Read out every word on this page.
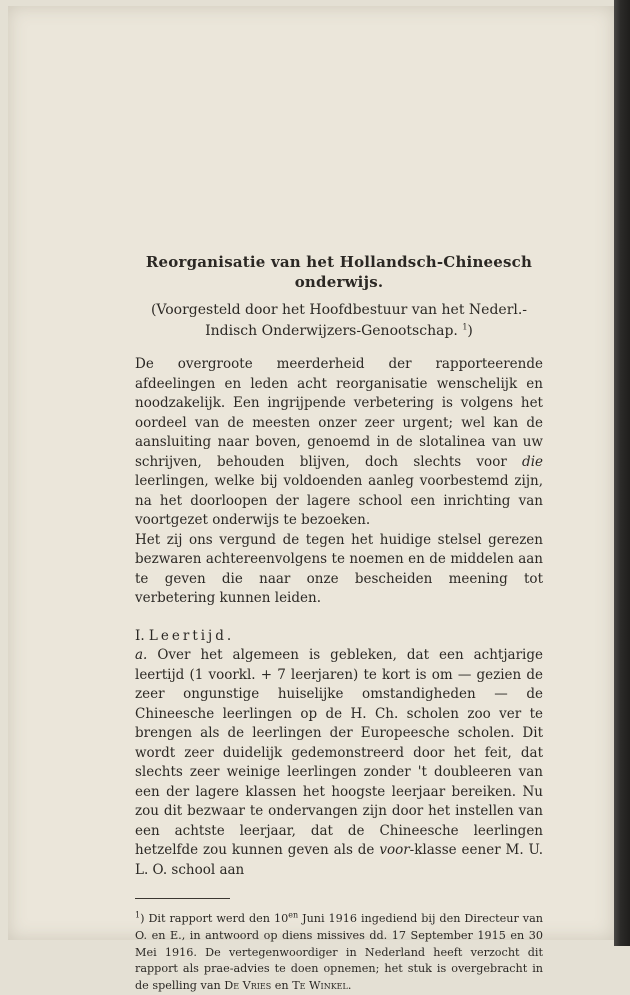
Reorganisatie van het Hollandsch-Chineesch onderwijs.

(Voorgesteld door het Hoofdbestuur van het Nederl.-Indisch Onderwijzers-Genootschap. $^1$)

De overgroote meerderheid der rapporteerende afdeelingen en leden acht reorganisatie wenschelijk en noodzakelijk. Een ingrijpende verbetering is volgens het oordeel van de meesten onzer zeer urgent; wel kan de aansluiting naar boven, genoemd in de slotalinea van uw schrijven, behouden blijven, doch slechts voor die leerlingen, welke bij voldoenden aanleg voorbestemd zijn, na het doorloopen der lagere school een inrichting van voortgezet onderwijs te bezoeken.

Het zij ons vergund de tegen het huidige stelsel gerezen bezwaren achtereenvolgens te noemen en de middelen aan te geven die naar onze bescheiden meening tot verbetering kunnen leiden.

I. Leertijd.

a. Over het algemeen is gebleken, dat een achtjarige leertijd (1 voorkl. + 7 leerjaren) te kort is om — gezien de zeer ongunstige huiselijke omstandigheden — de Chineesche leerlingen op de H. Ch. scholen zoo ver te brengen als de leerlingen der Europeesche scholen. Dit wordt zeer duidelijk gedemonstreerd door het feit, dat slechts zeer weinige leerlingen zonder 't doubleeren van een der lagere klassen het hoogste leerjaar bereiken. Nu zou dit bezwaar te ondervangen zijn door het instellen van een achtste leerjaar, dat de Chineesche leerlingen hetzelfde zou kunnen geven als de voor-klasse eener M. U. L. O. school aan

$^1$) Dit rapport werd den $10^{en}$ Juni 1916 ingediend bij den Directeur van O. en E., in antwoord op diens missives dd. 17 September 1915 en 30 Mei 1916. De vertegenwoordiger in Nederland heeft verzocht dit rapport als prae-advies te doen opnemen; het stuk is overgebracht in de spelling van De Vries en Te Winkel.
